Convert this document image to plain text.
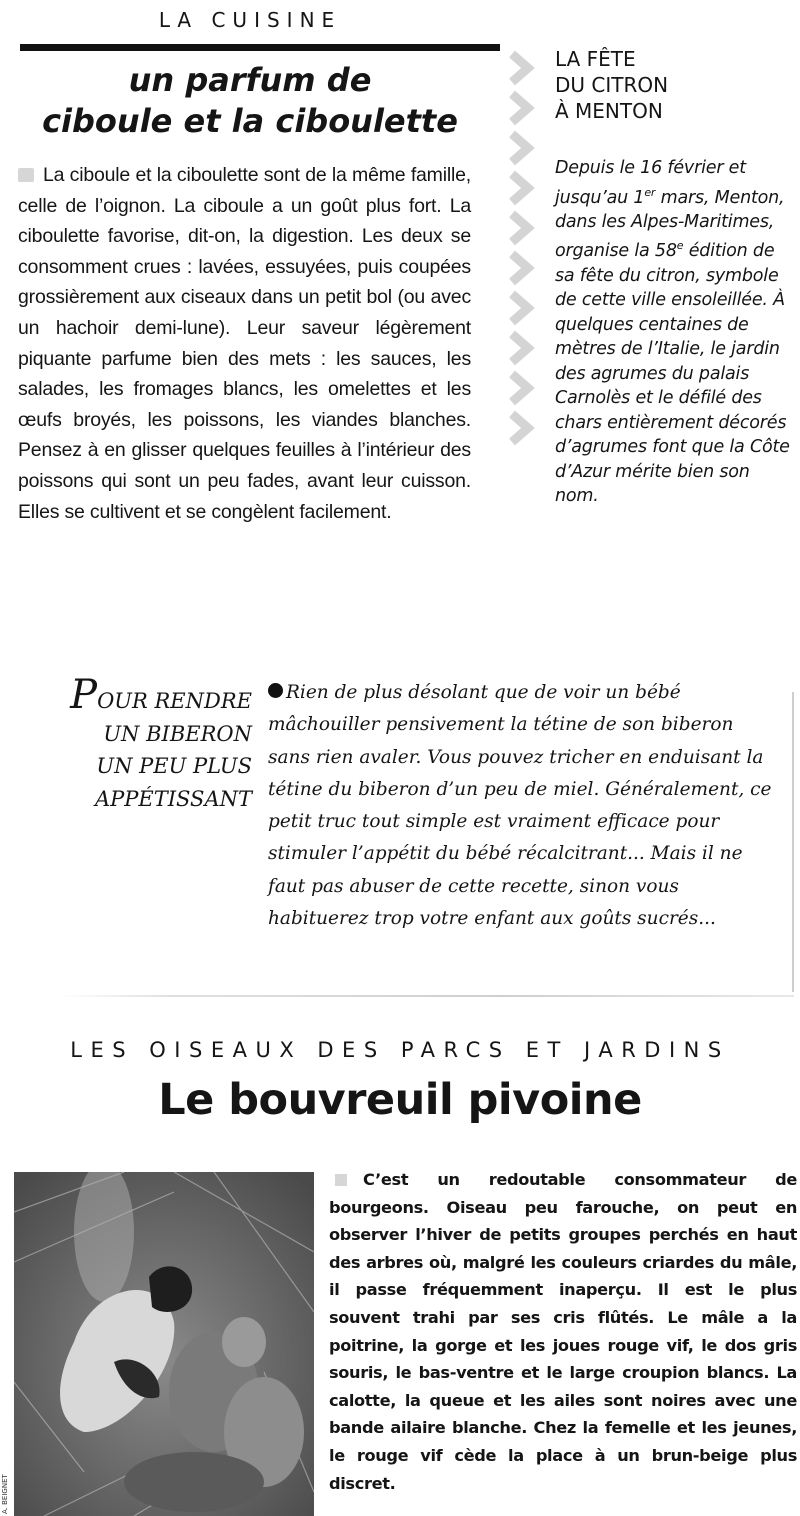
LA CUISINE
un parfum de
ciboule et la ciboulette
La ciboule et la ciboulette sont de la même famille, celle de l’oignon. La ciboule a un goût plus fort. La ciboulette favorise, dit-on, la digestion. Les deux se consomment crues : lavées, essuyées, puis coupées grossièrement aux ciseaux dans un petit bol (ou avec un hachoir demi-lune). Leur saveur légèrement piquante parfume bien des mets : les sauces, les salades, les fromages blancs, les omelettes et les œufs broyés, les poissons, les viandes blanches. Pensez à en glisser quelques feuilles à l’intérieur des poissons qui sont un peu fades, avant leur cuisson. Elles se cultivent et se congèlent facilement.
LA FÊTE
DU CITRON
À MENTON
Depuis le 16 février et jusqu’au 1er mars, Menton, dans les Alpes-Maritimes, organise la 58e édition de sa fête du citron, symbole de cette ville ensoleillée. À quelques centaines de mètres de l’Italie, le jardin des agrumes du palais Carnolès et le défilé des chars entièrement décorés d’agrumes font que la Côte d’Azur mérite bien son nom.
POUR RENDRE
UN BIBERON
UN PEU PLUS
APPÉTISSANT
Rien de plus désolant que de voir un bébé mâchouiller pensivement la tétine de son biberon sans rien avaler. Vous pouvez tricher en enduisant la tétine du biberon d’un peu de miel. Généralement, ce petit truc tout simple est vraiment efficace pour stimuler l’appétit du bébé récalcitrant... Mais il ne faut pas abuser de cette recette, sinon vous habituerez trop votre enfant aux goûts sucrés...
LES OISEAUX DES PARCS ET JARDINS
Le bouvreuil pivoine
A. BEIGNET
C’est un redoutable consommateur de bourgeons. Oiseau peu farouche, on peut en observer l’hiver de petits groupes perchés en haut des arbres où, malgré les couleurs criardes du mâle, il passe fréquemment inaperçu. Il est le plus souvent trahi par ses cris flûtés. Le mâle a la poitrine, la gorge et les joues rouge vif, le dos gris souris, le bas-ventre et le large croupion blancs. La calotte, la queue et les ailes sont noires avec une bande ailaire blanche. Chez la femelle et les jeunes, le rouge vif cède la place à un brun-beige plus discret.
